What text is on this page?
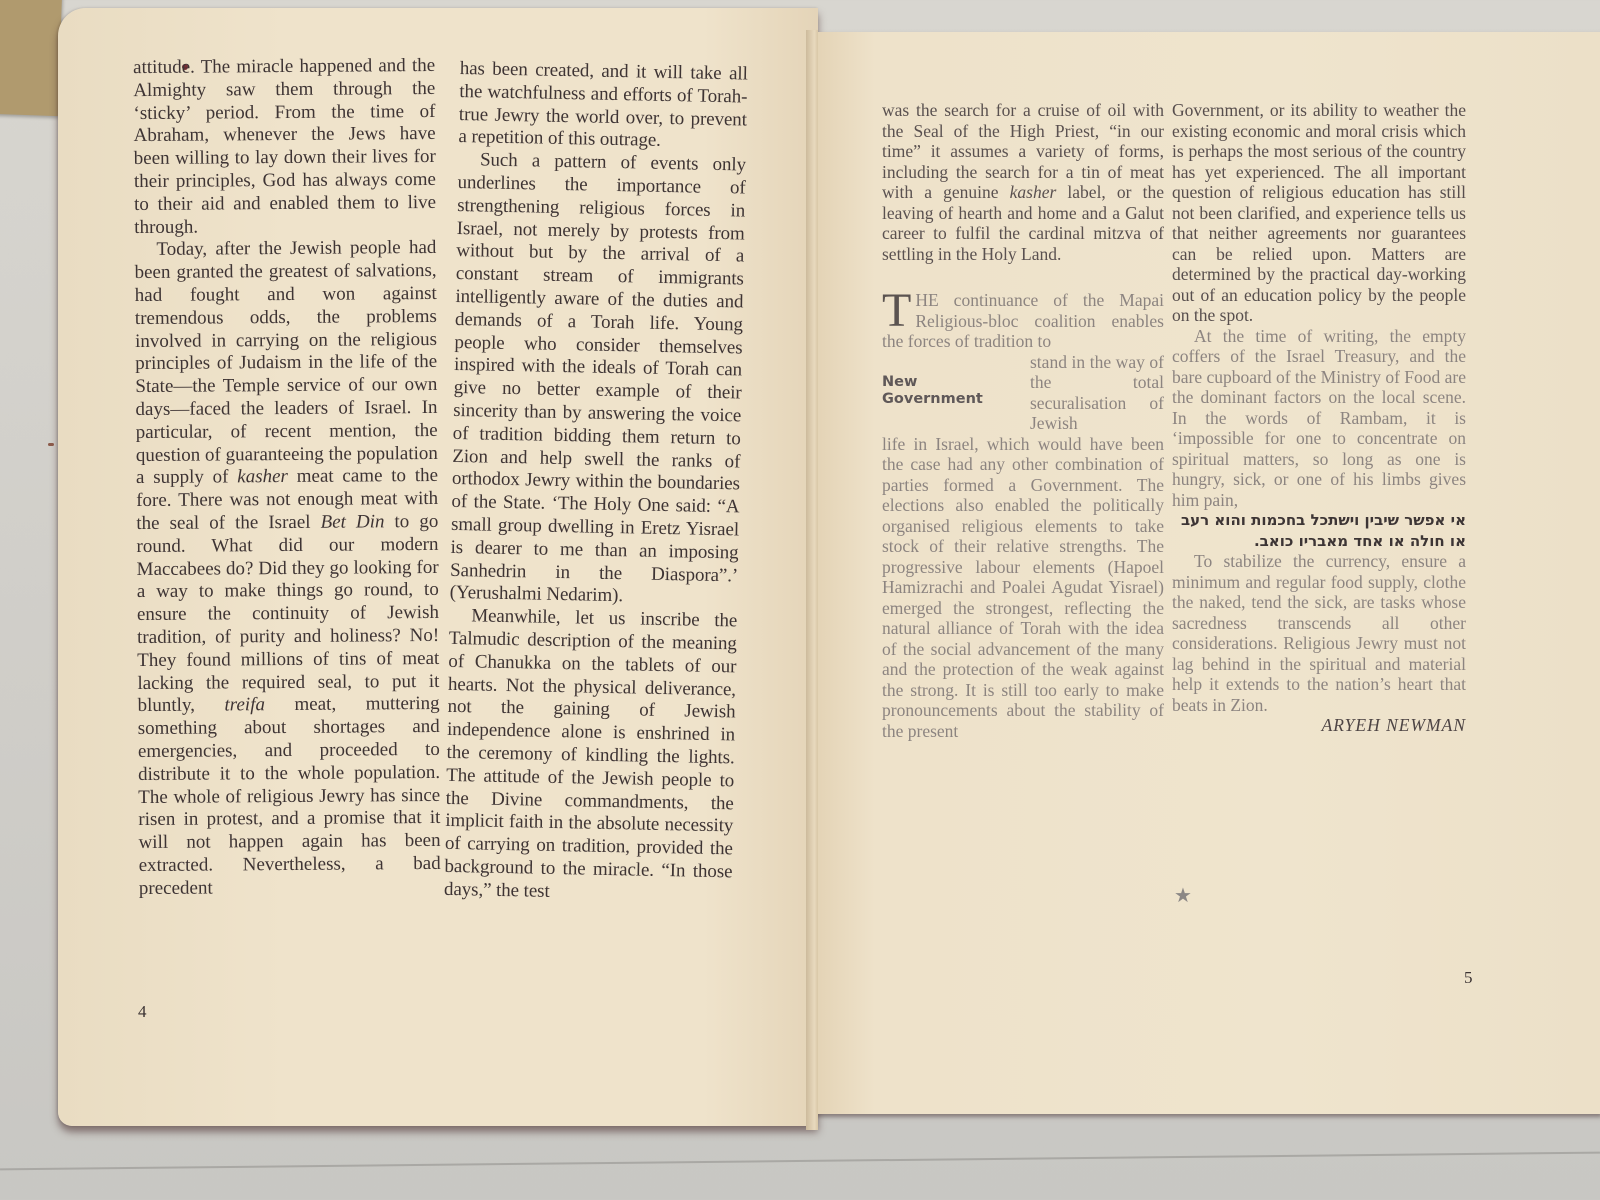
attitude. The miracle happened and the Almighty saw them through the ‘sticky’ period. From the time of Abraham, whenever the Jews have been willing to lay down their lives for their principles, God has always come to their aid and enabled them to live through.

Today, after the Jewish people had been granted the greatest of salvations, had fought and won against tremendous odds, the problems involved in carrying on the religious principles of Judaism in the life of the State—the Temple service of our own days—faced the leaders of Israel. In particular, of recent mention, the question of guaranteeing the population a supply of kasher meat came to the fore. There was not enough meat with the seal of the Israel Bet Din to go round. What did our modern Maccabees do? Did they go looking for a way to make things go round, to ensure the continuity of Jewish tradition, of purity and holiness? No! They found millions of tins of meat lacking the required seal, to put it bluntly, treifa meat, muttering something about shortages and emergencies, and proceeded to distribute it to the whole population. The whole of religious Jewry has since risen in protest, and a promise that it will not happen again has been extracted. Nevertheless, a bad precedent

has been created, and it will take all the watchfulness and efforts of Torah-true Jewry the world over, to prevent a repetition of this outrage.

Such a pattern of events only underlines the importance of strengthening religious forces in Israel, not merely by protests from without but by the arrival of a constant stream of immigrants intelligently aware of the duties and demands of a Torah life. Young people who consider themselves inspired with the ideals of Torah can give no better example of their sincerity than by answering the voice of tradition bidding them return to Zion and help swell the ranks of orthodox Jewry within the boundaries of the State. ‘The Holy One said: “A small group dwelling in Eretz Yisrael is dearer to me than an imposing Sanhedrin in the Diaspora”.’ (Yerushalmi Nedarim).

Meanwhile, let us inscribe the Talmudic description of the meaning of Chanukka on the tablets of our hearts. Not the physical deliverance, not the gaining of Jewish independence alone is enshrined in the ceremony of kindling the lights. The attitude of the Jewish people to the Divine commandments, the implicit faith in the absolute necessity of carrying on tradition, provided the background to the miracle. “In those days,” the test

4

was the search for a cruise of oil with the Seal of the High Priest, “in our time” it assumes a variety of forms, including the search for a tin of meat with a genuine kasher label, or the leaving of hearth and home and a Galut career to fulfil the cardinal mitzva of settling in the Holy Land.

THE continuance of the Mapai Religious-bloc coalition enables the forces of tradition to

New
Government
stand in the way of the total securalisation of Jewish

life in Israel, which would have been the case had any other combination of parties formed a Government. The elections also enabled the politically organised religious elements to take stock of their relative strengths. The progressive labour elements (Hapoel Hamizrachi and Poalei Agudat Yisrael) emerged the strongest, reflecting the natural alliance of Torah with the idea of the social advancement of the many and the protection of the weak against the strong. It is still too early to make pronouncements about the stability of the present

Government, or its ability to weather the existing economic and moral crisis which is perhaps the most serious of the country has yet experienced. The all important question of religious education has still not been clarified, and experience tells us that neither agreements nor guarantees can be relied upon. Matters are determined by the practical day-working out of an education policy by the people on the spot.

At the time of writing, the empty coffers of the Israel Treasury, and the bare cupboard of the Ministry of Food are the dominant factors on the local scene. In the words of Rambam, it is ‘impossible for one to concentrate on spiritual matters, so long as one is hungry, sick, or one of his limbs gives him pain,

אי אפשר שיבין וישתכל בחכמות והוא רעב או חולה או אחד מאבריו כואב.

To stabilize the currency, ensure a minimum and regular food supply, clothe the naked, tend the sick, are tasks whose sacredness transcends all other considerations. Religious Jewry must not lag behind in the spiritual and material help it extends to the nation’s heart that beats in Zion.

ARYEH NEWMAN

★
5
